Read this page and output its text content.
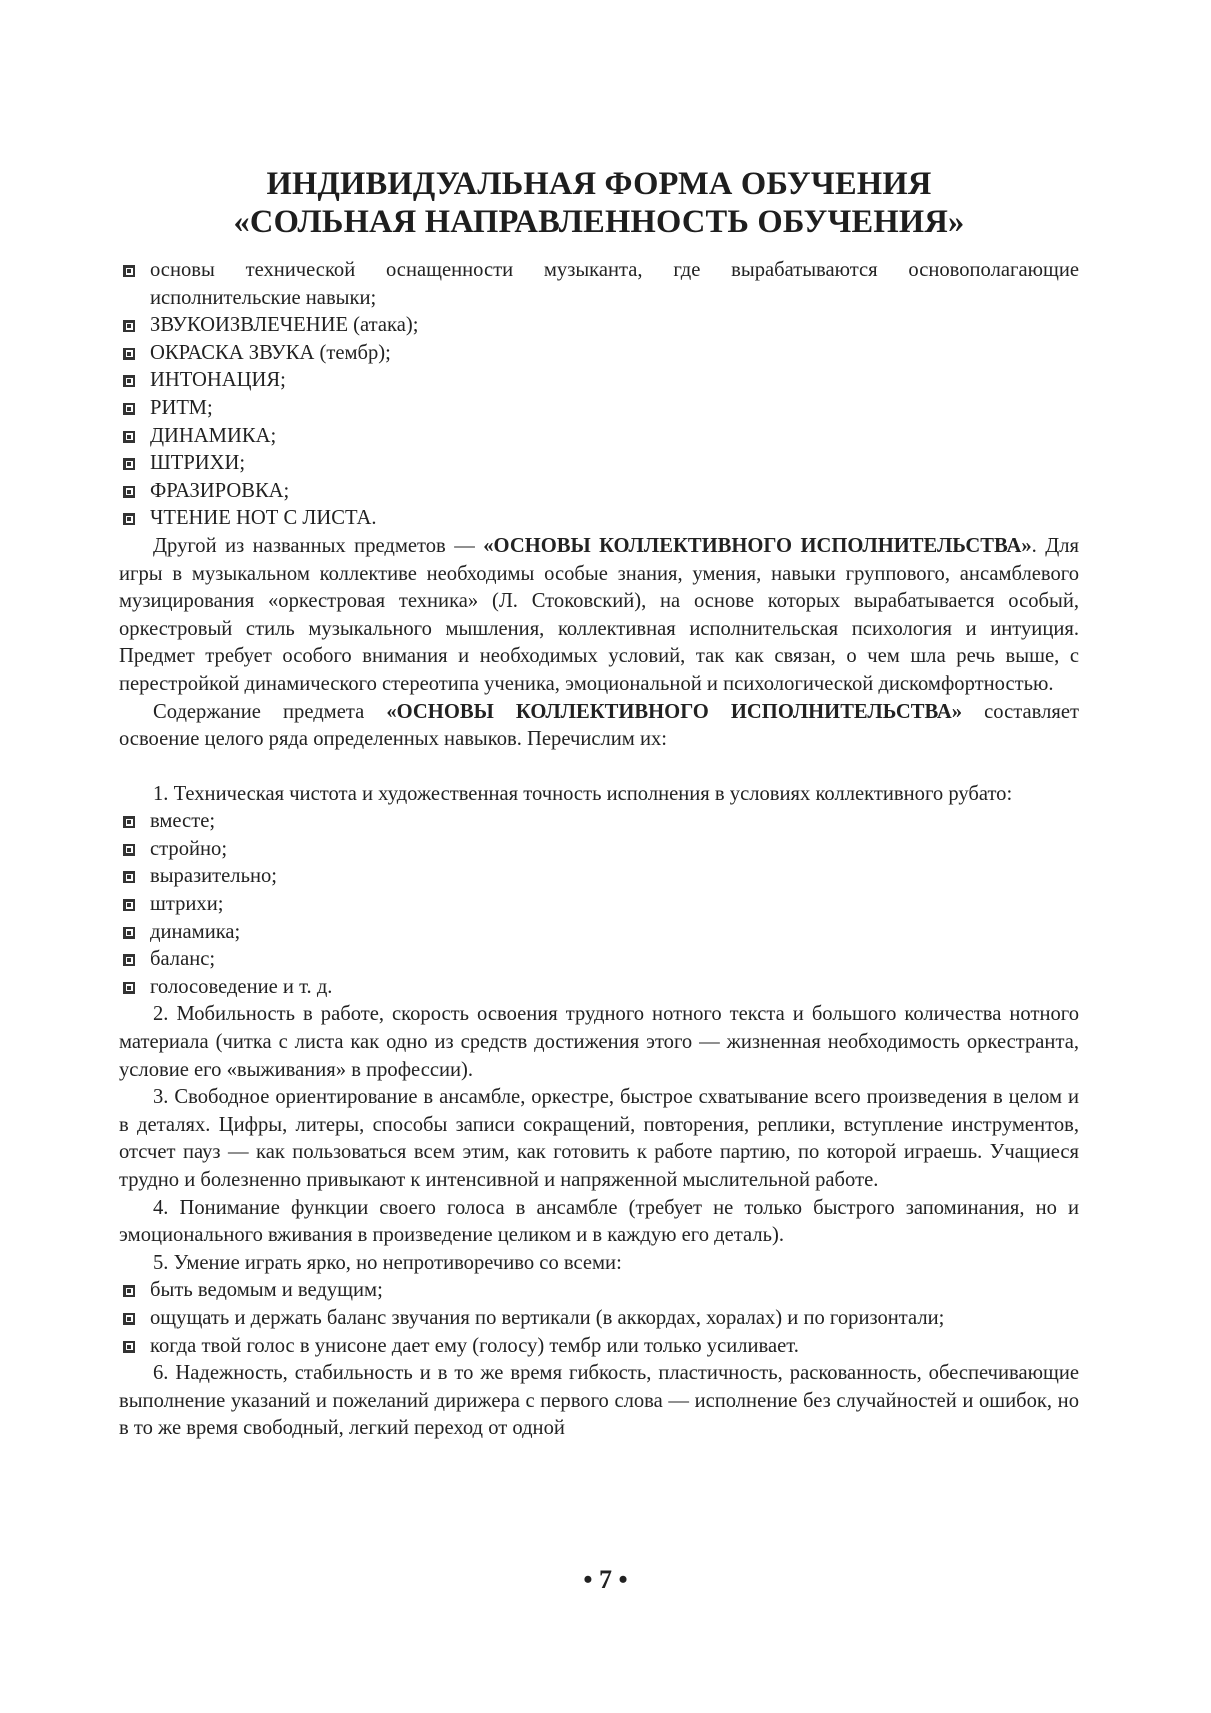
ИНДИВИДУАЛЬНАЯ ФОРМА ОБУЧЕНИЯ
«СОЛЬНАЯ НАПРАВЛЕННОСТЬ ОБУЧЕНИЯ»
основы технической оснащенности музыканта, где вырабатываются основополагающие исполнительские навыки;
ЗВУКОИЗВЛЕЧЕНИЕ (атака);
ОКРАСКА ЗВУКА (тембр);
ИНТОНАЦИЯ;
РИТМ;
ДИНАМИКА;
ШТРИХИ;
ФРАЗИРОВКА;
ЧТЕНИЕ НОТ С ЛИСТА.

Другой из названных предметов — «ОСНОВЫ КОЛЛЕКТИВНОГО ИСПОЛНИТЕЛЬСТВА». Для игры в музыкальном коллективе необходимы особые знания, умения, навыки группового, ансамблевого музицирования «оркестровая техника» (Л. Стоковский), на основе которых вырабатывается особый, оркестровый стиль музыкального мышления, коллективная исполнительская психология и интуиция. Предмет требует особого внимания и необходимых условий, так как связан, о чем шла речь выше, с перестройкой динамического стереотипа ученика, эмоциональной и психологической дискомфортностью.

Содержание предмета «ОСНОВЫ КОЛЛЕКТИВНОГО ИСПОЛНИТЕЛЬСТВА» составляет освоение целого ряда определенных навыков. Перечислим их:

1. Техническая чистота и художественная точность исполнения в условиях коллективного рубато:

вместе;
стройно;
выразительно;
штрихи;
динамика;
баланс;
голосоведение и т. д.

2. Мобильность в работе, скорость освоения трудного нотного текста и большого количества нотного материала (читка с листа как одно из средств достижения этого — жизненная необходимость оркестранта, условие его «выживания» в профессии).

3. Свободное ориентирование в ансамбле, оркестре, быстрое схватывание всего произведения в целом и в деталях. Цифры, литеры, способы записи сокращений, повторения, реплики, вступление инструментов, отсчет пауз — как пользоваться всем этим, как готовить к работе партию, по которой играешь. Учащиеся трудно и болезненно привыкают к интенсивной и напряженной мыслительной работе.

4. Понимание функции своего голоса в ансамбле (требует не только быстрого запоминания, но и эмоционального вживания в произведение целиком и в каждую его деталь).

5. Умение играть ярко, но непротиворечиво со всеми:

быть ведомым и ведущим;
ощущать и держать баланс звучания по вертикали (в аккордах, хоралах) и по горизонтали;
когда твой голос в унисоне дает ему (голосу) тембр или только усиливает.

6. Надежность, стабильность и в то же время гибкость, пластичность, раскованность, обеспечивающие выполнение указаний и пожеланий дирижера с первого слова — исполнение без случайностей и ошибок, но в то же время свободный, легкий переход от одной

• 7 •
